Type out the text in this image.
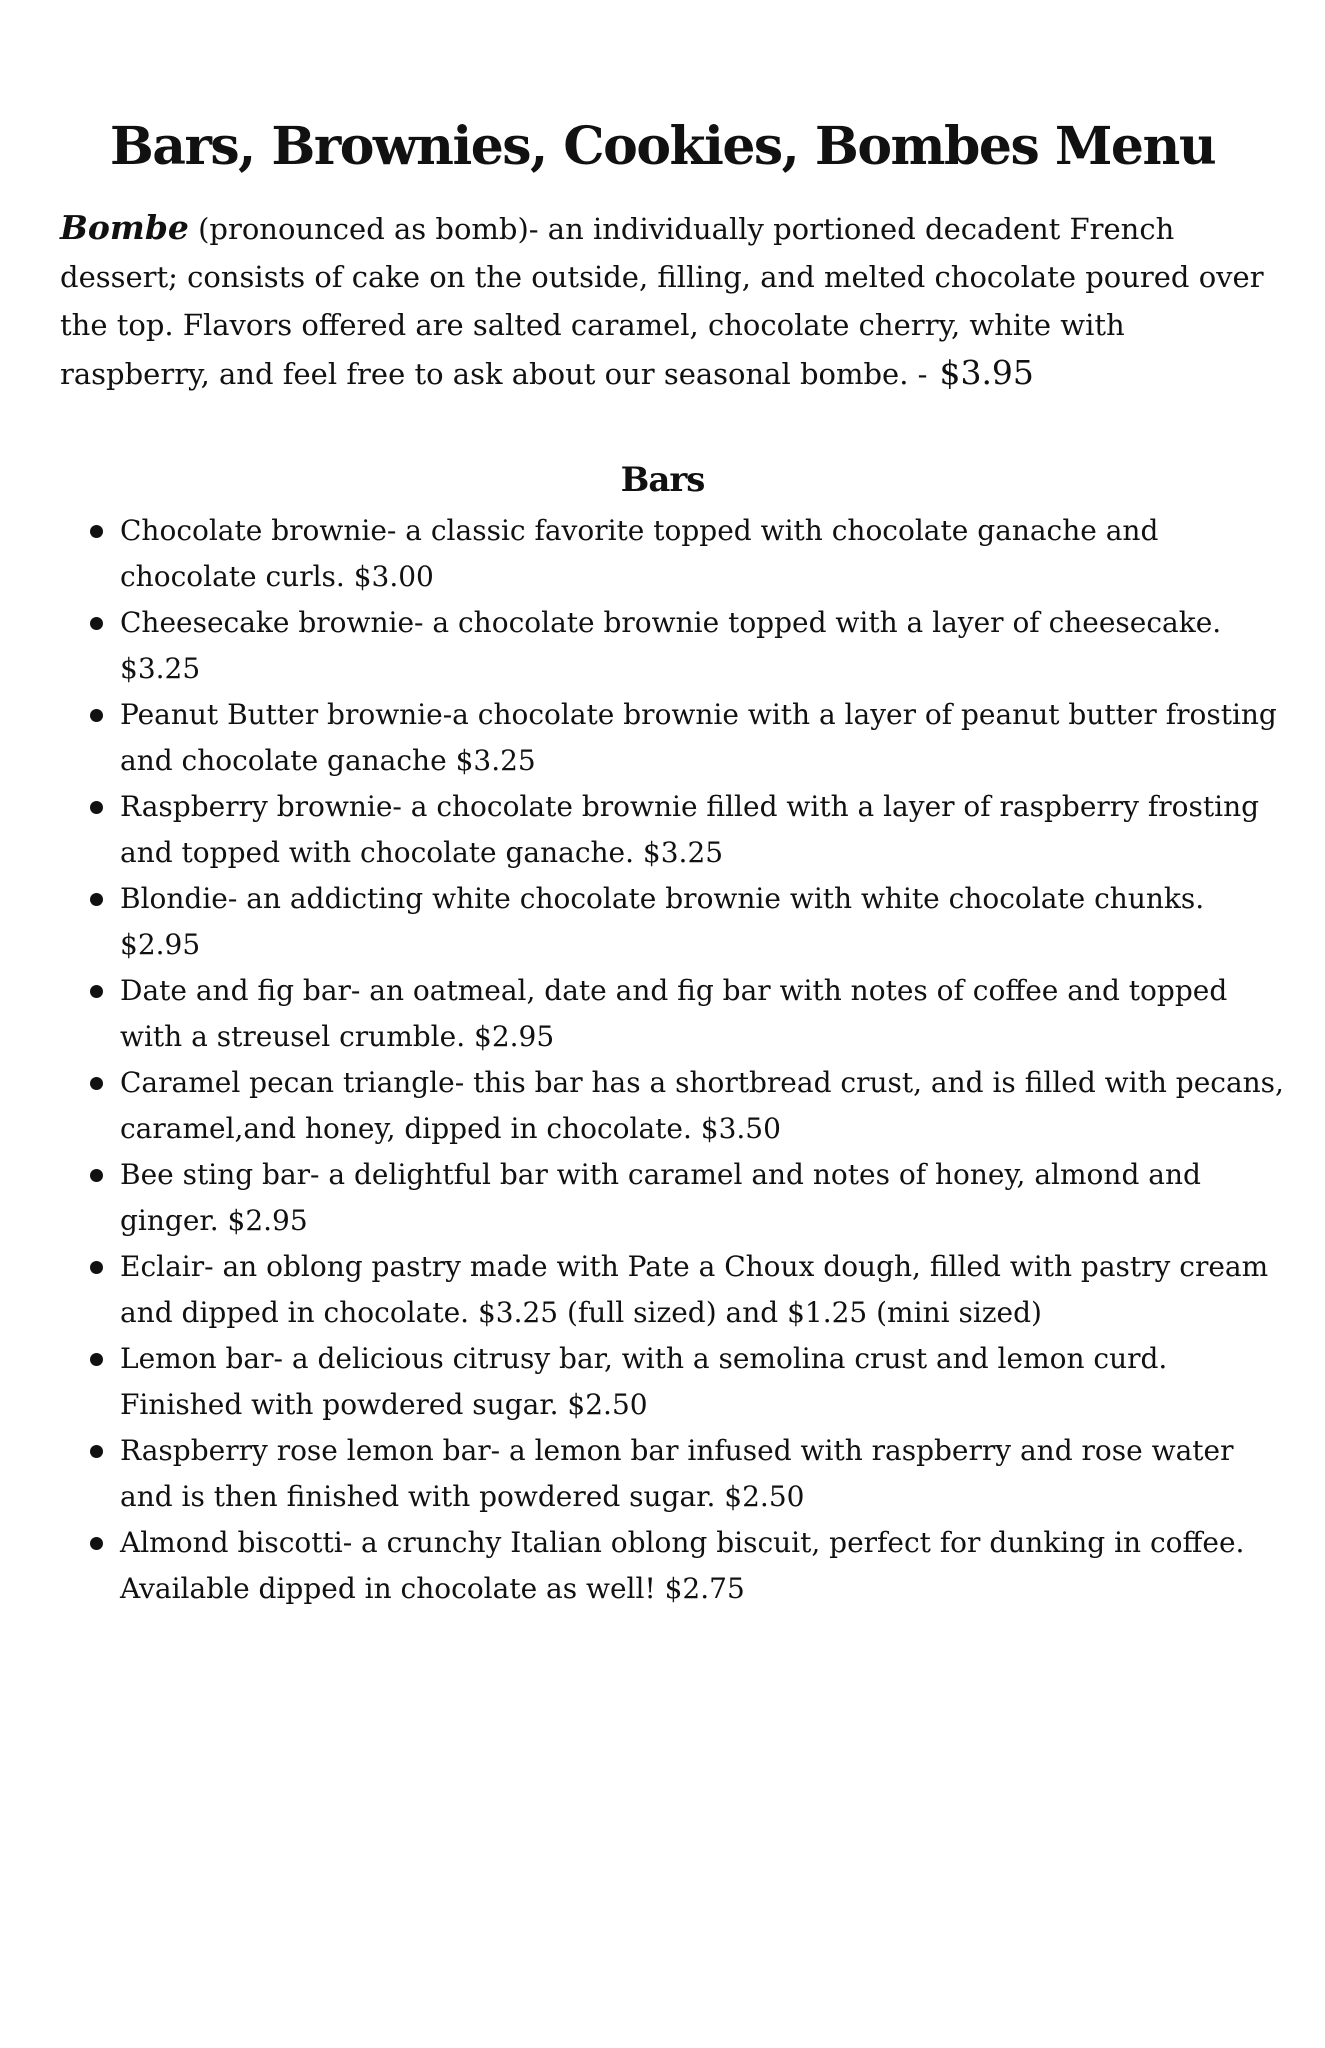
Bars, Brownies, Cookies, Bombes Menu

Bombe (pronounced as bomb)- an individually portioned decadent French dessert; consists of cake on the outside, filling, and melted chocolate poured over the top. Flavors offered are salted caramel, chocolate cherry, white with raspberry, and feel free to ask about our seasonal bombe. - $3.95

Bars
Chocolate brownie- a classic favorite topped with chocolate ganache and chocolate curls. $3.00
Cheesecake brownie- a chocolate brownie topped with a layer of cheesecake. $3.25
Peanut Butter brownie-a chocolate brownie with a layer of peanut butter frosting and chocolate ganache $3.25
Raspberry brownie- a chocolate brownie filled with a layer of raspberry frosting and topped with chocolate ganache. $3.25
Blondie- an addicting white chocolate brownie with white chocolate chunks. $2.95
Date and fig bar- an oatmeal, date and fig bar with notes of coffee and topped with a streusel crumble. $2.95
Caramel pecan triangle- this bar has a shortbread crust, and is filled with pecans, caramel,and honey, dipped in chocolate. $3.50
Bee sting bar- a delightful bar with caramel and notes of honey, almond and ginger. $2.95
Eclair- an oblong pastry made with Pate a Choux dough, filled with pastry cream and dipped in chocolate. $3.25 (full sized) and $1.25 (mini sized)
Lemon bar- a delicious citrusy bar, with a semolina crust and lemon curd. Finished with powdered sugar. $2.50
Raspberry rose lemon bar- a lemon bar infused with raspberry and rose water and is then finished with powdered sugar. $2.50
Almond biscotti- a crunchy Italian oblong biscuit, perfect for dunking in coffee. Available dipped in chocolate as well! $2.75
